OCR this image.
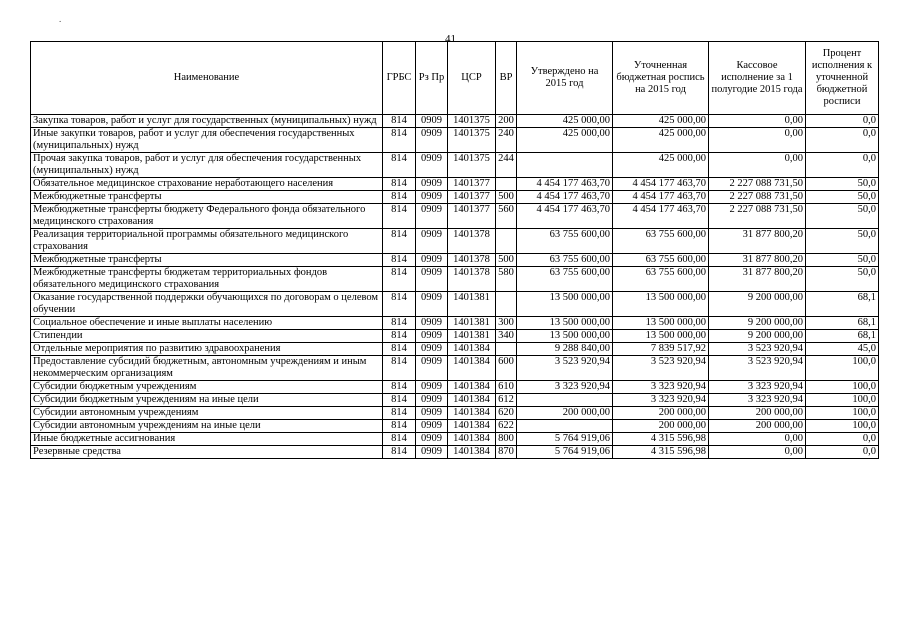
.
41
Наименование	ГРБС	Рз Пр	ЦСР	ВР	Утверждено на 2015 год	Уточненная бюджетная роспись на 2015 год	Кассовое исполнение за 1 полугодие 2015 года	Процент исполнения к уточненной бюджетной росписи
Закупка товаров, работ и услуг для государственных (муниципальных) нужд	814	0909	1401375	200	425 000,00	425 000,00	0,00	0,0
Иные закупки товаров, работ и услуг для обеспечения государственных (муниципальных) нужд	814	0909	1401375	240	425 000,00	425 000,00	0,00	0,0
Прочая закупка товаров, работ и услуг для обеспечения государственных (муниципальных) нужд	814	0909	1401375	244		425 000,00	0,00	0,0
Обязательное медицинское страхование неработающего населения	814	0909	1401377		4 454 177 463,70	4 454 177 463,70	2 227 088 731,50	50,0
Межбюджетные трансферты	814	0909	1401377	500	4 454 177 463,70	4 454 177 463,70	2 227 088 731,50	50,0
Межбюджетные трансферты бюджету Федерального фонда обязательного медицинского страхования	814	0909	1401377	560	4 454 177 463,70	4 454 177 463,70	2 227 088 731,50	50,0
Реализация территориальной программы обязательного медицинского страхования	814	0909	1401378		63 755 600,00	63 755 600,00	31 877 800,20	50,0
Межбюджетные трансферты	814	0909	1401378	500	63 755 600,00	63 755 600,00	31 877 800,20	50,0
Межбюджетные трансферты бюджетам территориальных фондов обязательного медицинского страхования	814	0909	1401378	580	63 755 600,00	63 755 600,00	31 877 800,20	50,0
Оказание государственной поддержки обучающихся по договорам о целевом обучении	814	0909	1401381		13 500 000,00	13 500 000,00	9 200 000,00	68,1
Социальное обеспечение и иные выплаты населению	814	0909	1401381	300	13 500 000,00	13 500 000,00	9 200 000,00	68,1
Стипендии	814	0909	1401381	340	13 500 000,00	13 500 000,00	9 200 000,00	68,1
Отдельные мероприятия по развитию здравоохранения	814	0909	1401384		9 288 840,00	7 839 517,92	3 523 920,94	45,0
Предоставление субсидий бюджетным, автономным учреждениям и иным некоммерческим организациям	814	0909	1401384	600	3 523 920,94	3 523 920,94	3 523 920,94	100,0
Субсидии бюджетным учреждениям	814	0909	1401384	610	3 323 920,94	3 323 920,94	3 323 920,94	100,0
Субсидии бюджетным учреждениям на иные цели	814	0909	1401384	612		3 323 920,94	3 323 920,94	100,0
Субсидии автономным учреждениям	814	0909	1401384	620	200 000,00	200 000,00	200 000,00	100,0
Субсидии автономным учреждениям на иные цели	814	0909	1401384	622		200 000,00	200 000,00	100,0
Иные бюджетные ассигнования	814	0909	1401384	800	5 764 919,06	4 315 596,98	0,00	0,0
Резервные средства	814	0909	1401384	870	5 764 919,06	4 315 596,98	0,00	0,0
